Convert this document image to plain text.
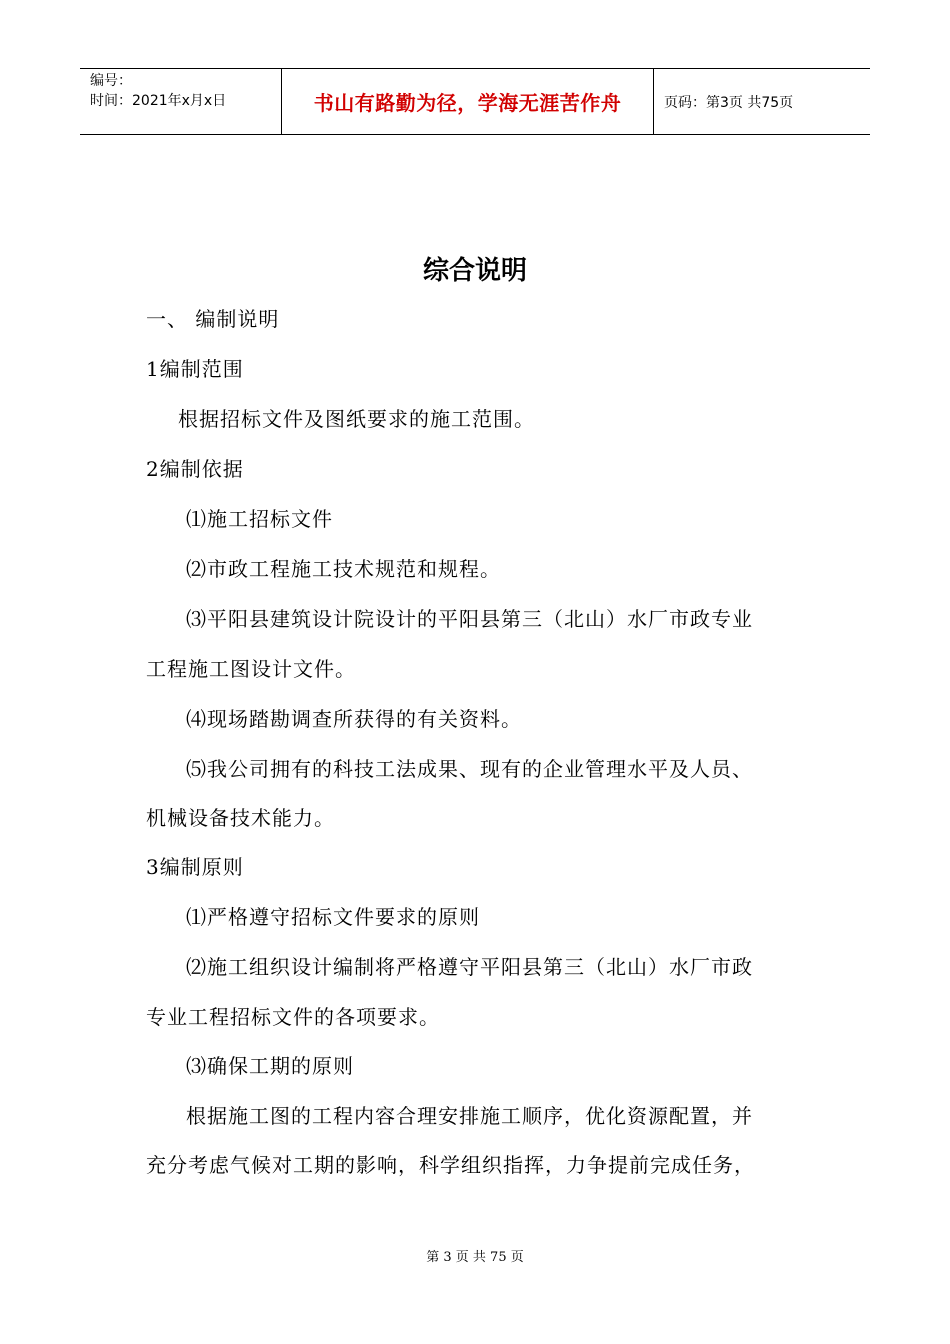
编号：
时间：2021年x月x日	书山有路勤为径，学海无涯苦作舟	页码：第3页 共75页
综合说明
一、 编制说明
1编制范围
根据招标文件及图纸要求的施工范围。
2编制依据
⑴施工招标文件
⑵市政工程施工技术规范和规程。
⑶平阳县建筑设计院设计的平阳县第三（北山）水厂市政专业
工程施工图设计文件。
⑷现场踏勘调查所获得的有关资料。
⑸我公司拥有的科技工法成果、现有的企业管理水平及人员、
机械设备技术能力。
3编制原则
⑴严格遵守招标文件要求的原则
⑵施工组织设计编制将严格遵守平阳县第三（北山）水厂市政
专业工程招标文件的各项要求。
⑶确保工期的原则
根据施工图的工程内容合理安排施工顺序，优化资源配置，并
充分考虑气候对工期的影响，科学组织指挥，力争提前完成任务，
第 3 页 共 75 页
